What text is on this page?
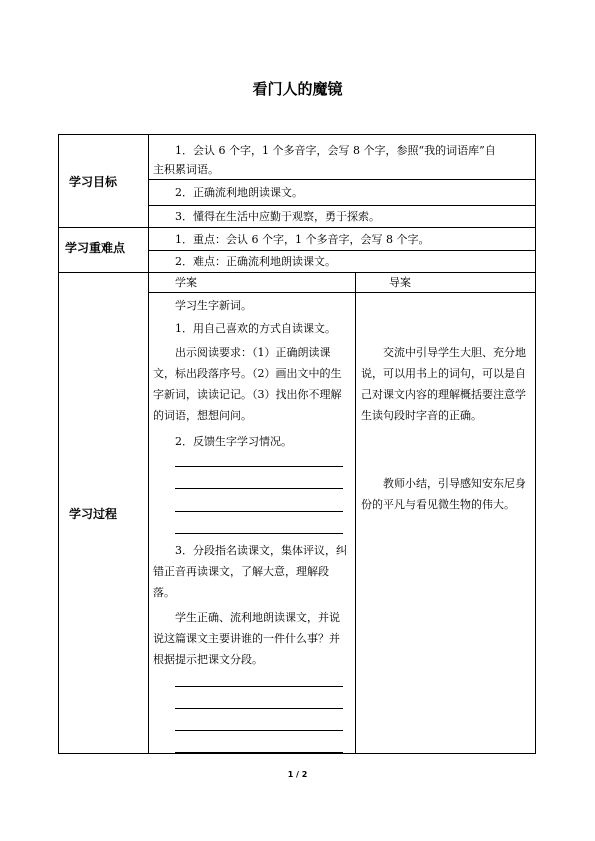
看门人的魔镜
学习目标
学习重难点
学习过程
1．会认 6 个字，1 个多音字，会写 8 个字，参照“我的词语库”自
主积累词语。
2．正确流利地朗读课文。
3．懂得在生活中应勤于观察，勇于探索。
1．重点：会认 6 个字，1 个多音字，会写 8 个字。
2．难点：正确流利地朗读课文。
学案	导案
学习生字新词。
1．用自己喜欢的方式自读课文。
出示阅读要求：（1）正确朗读课文，标出段落序号。（2）画出文中的生字新词，读读记记。（3）找出你不理解的词语，想想问问。
2．反馈生字学习情况。
3．分段指名读课文，集体评议，纠错正音再读课文，了解大意，理解段落。
学生正确、流利地朗读课文，并说说这篇课文主要讲谁的一件什么事？并根据提示把课文分段。
交流中引导学生大胆、充分地说，可以用书上的词句，可以是自己对课文内容的理解概括要注意学生读句段时字音的正确。
教师小结，引导感知安东尼身份的平凡与看见微生物的伟大。
1 / 2
